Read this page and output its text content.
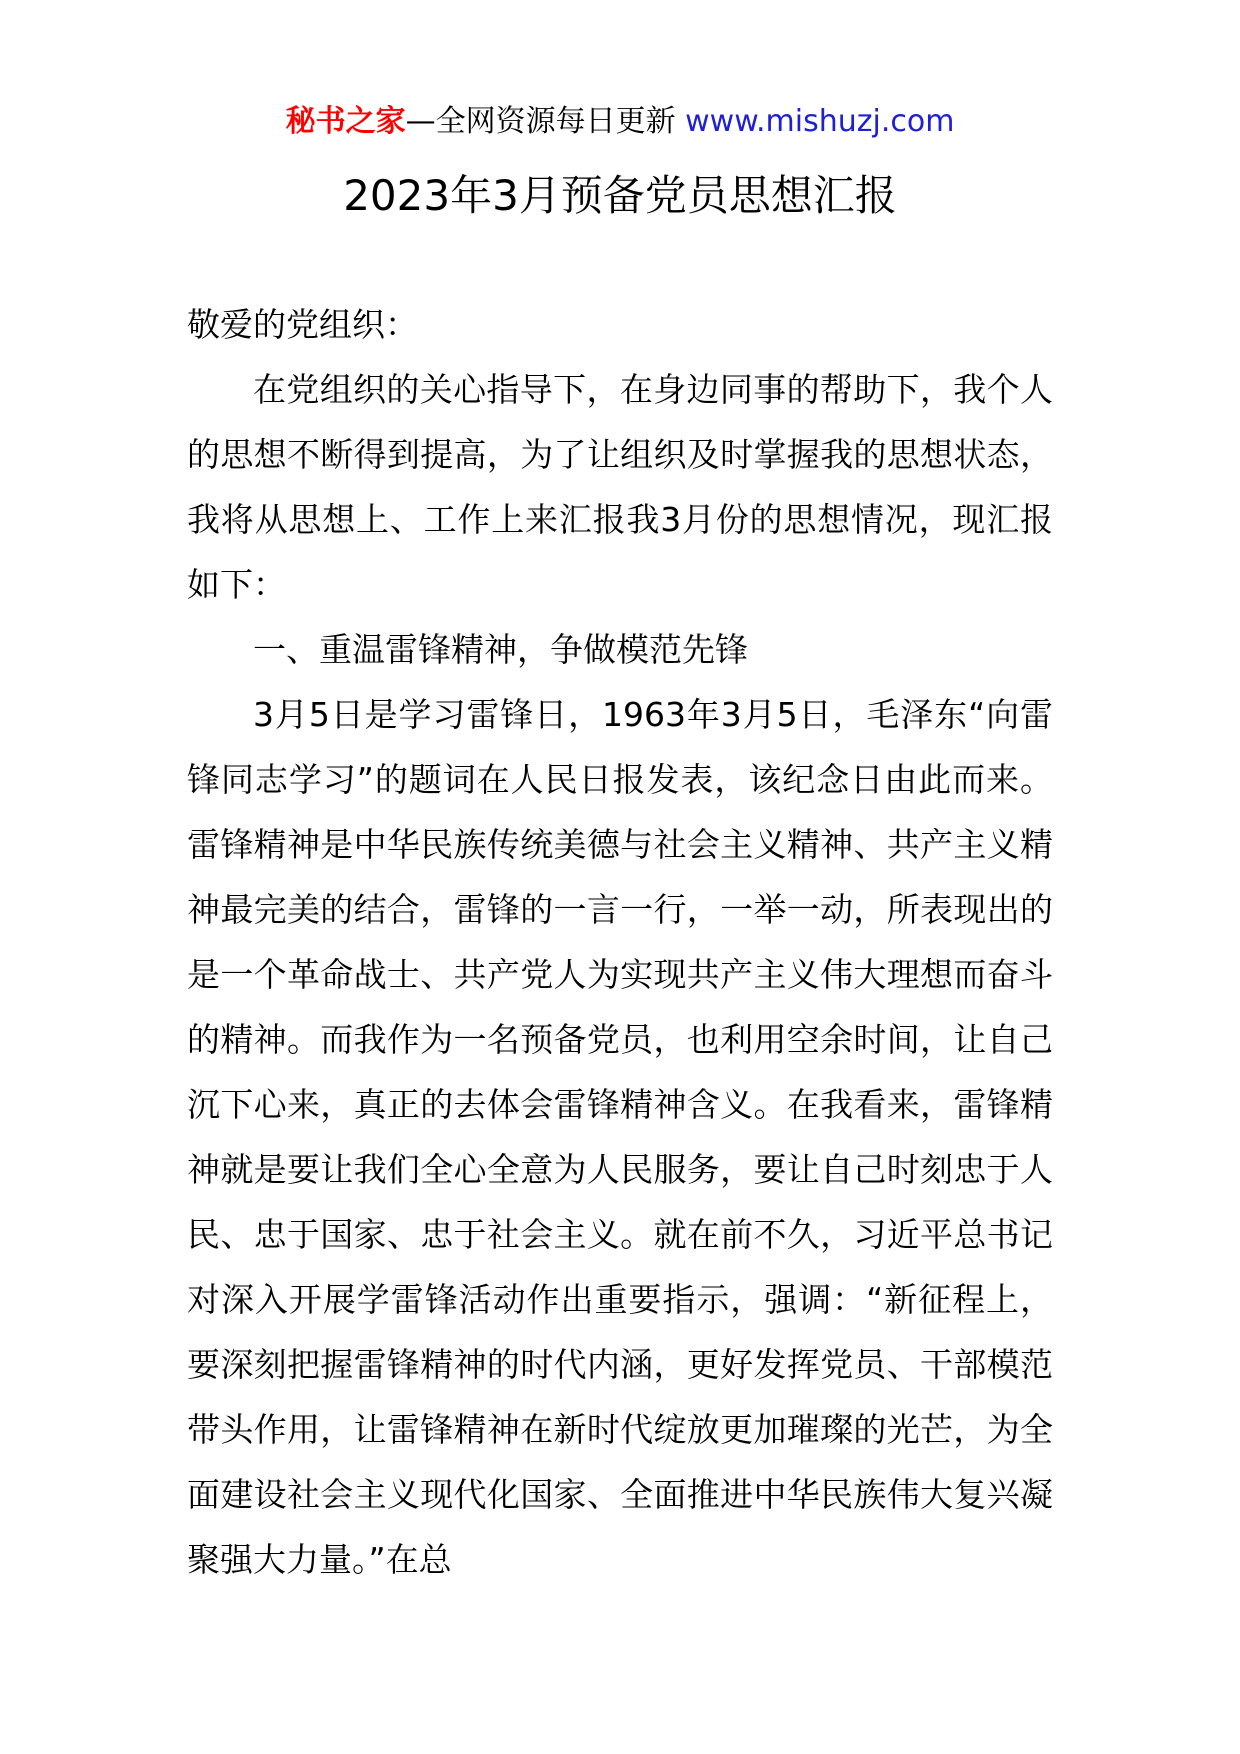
秘书之家—全网资源每日更新 www.mishuzj.com
2023年3月预备党员思想汇报

敬爱的党组织：

在党组织的关心指导下，在身边同事的帮助下，我个人的思想不断得到提高，为了让组织及时掌握我的思想状态，我将从思想上、工作上来汇报我3月份的思想情况，现汇报如下：

一、重温雷锋精神，争做模范先锋

3月5日是学习雷锋日，1963年3月5日，毛泽东“向雷锋同志学习”的题词在人民日报发表，该纪念日由此而来。雷锋精神是中华民族传统美德与社会主义精神、共产主义精神最完美的结合，雷锋的一言一行，一举一动，所表现出的是一个革命战士、共产党人为实现共产主义伟大理想而奋斗的精神。而我作为一名预备党员，也利用空余时间，让自己沉下心来，真正的去体会雷锋精神含义。在我看来，雷锋精神就是要让我们全心全意为人民服务，要让自己时刻忠于人民、忠于国家、忠于社会主义。就在前不久，习近平总书记对深入开展学雷锋活动作出重要指示，强调：“新征程上，要深刻把握雷锋精神的时代内涵，更好发挥党员、干部模范带头作用，让雷锋精神在新时代绽放更加璀璨的光芒，为全面建设社会主义现代化国家、全面推进中华民族伟大复兴凝聚强大力量。”在总
